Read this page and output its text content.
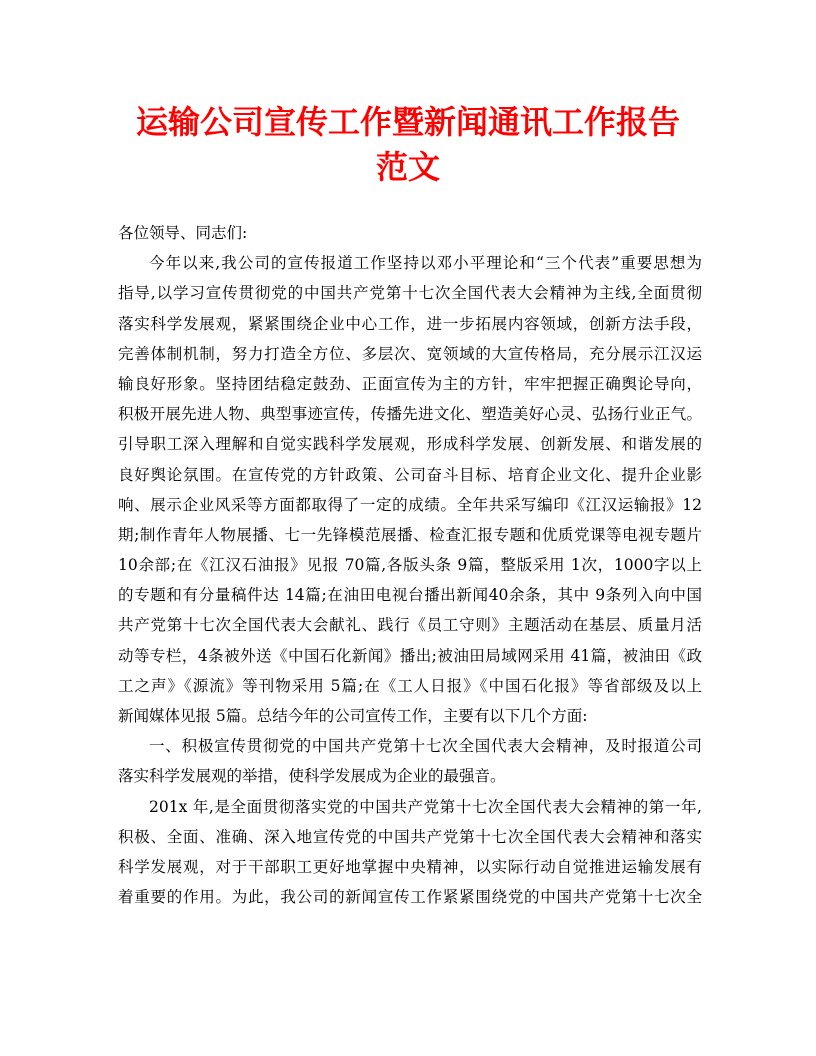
运输公司宣传工作暨新闻通讯工作报告
范文
各位领导、同志们:
今年以来,我公司的宣传报道工作坚持以邓小平理论和“三个代表”重要思想为
指导,以学习宣传贯彻党的中国共产党第十七次全国代表大会精神为主线,全面贯彻
落实科学发展观，紧紧围绕企业中心工作，进一步拓展内容领域，创新方法手段，
完善体制机制，努力打造全方位、多层次、宽领域的大宣传格局，充分展示江汉运
输良好形象。坚持团结稳定鼓劲、正面宣传为主的方针，牢牢把握正确舆论导向，
积极开展先进人物、典型事迹宣传，传播先进文化、塑造美好心灵、弘扬行业正气。
引导职工深入理解和自觉实践科学发展观，形成科学发展、创新发展、和谐发展的
良好舆论氛围。在宣传党的方针政策、公司奋斗目标、培育企业文化、提升企业影
响、展示企业风采等方面都取得了一定的成绩。全年共采写编印《江汉运输报》12
期;制作青年人物展播、七一先锋模范展播、检查汇报专题和优质党课等电视专题片
10余部;在《江汉石油报》见报 70篇,各版头条 9篇，整版采用 1次，1000字以上
的专题和有分量稿件达 14篇;在油田电视台播出新闻40余条，其中 9条列入向中国
共产党第十七次全国代表大会献礼、践行《员工守则》主题活动在基层、质量月活
动等专栏，4条被外送《中国石化新闻》播出;被油田局域网采用 41篇，被油田《政
工之声》《源流》等刊物采用 5篇;在《工人日报》《中国石化报》等省部级及以上
新闻媒体见报 5篇。总结今年的公司宣传工作，主要有以下几个方面:
一、积极宣传贯彻党的中国共产党第十七次全国代表大会精神，及时报道公司
落实科学发展观的举措，使科学发展成为企业的最强音。
201x 年,是全面贯彻落实党的中国共产党第十七次全国代表大会精神的第一年,
积极、全面、准确、深入地宣传党的中国共产党第十七次全国代表大会精神和落实
科学发展观，对于干部职工更好地掌握中央精神，以实际行动自觉推进运输发展有
着重要的作用。为此，我公司的新闻宣传工作紧紧围绕党的中国共产党第十七次全
